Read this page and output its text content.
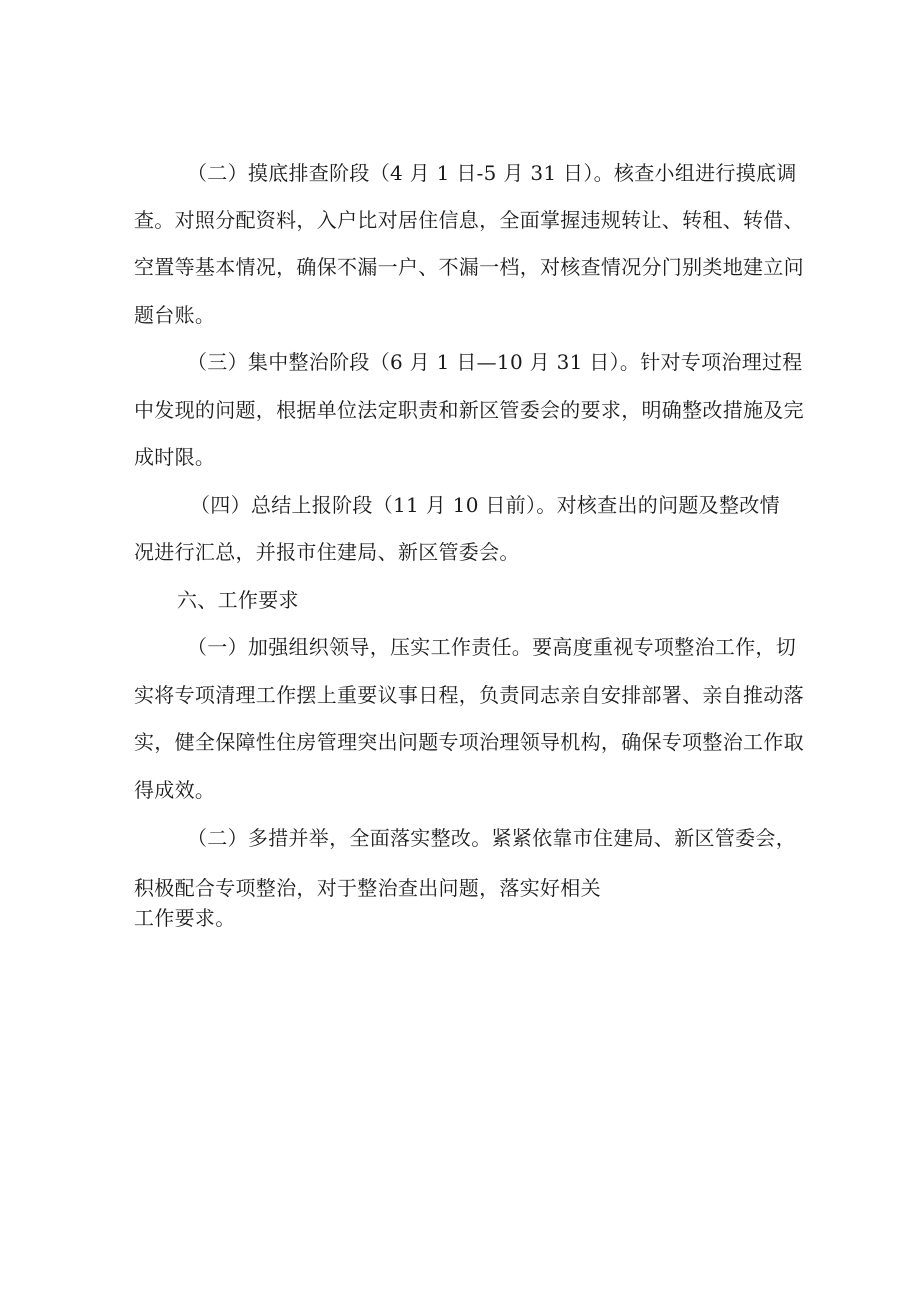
（二）摸底排查阶段（4 月 1 日-5 月 31 日）。核查小组进行摸底调
查。对照分配资料，入户比对居住信息，全面掌握违规转让、转租、转借、
空置等基本情况，确保不漏一户、不漏一档，对核查情况分门别类地建立问
题台账。
（三）集中整治阶段（6 月 1 日—10 月 31 日）。针对专项治理过程
中发现的问题，根据单位法定职责和新区管委会的要求，明确整改措施及完
成时限。
（四）总结上报阶段（11 月 10 日前）。对核查出的问题及整改情
况进行汇总，并报市住建局、新区管委会。
六、工作要求
（一）加强组织领导，压实工作责任。要高度重视专项整治工作，切
实将专项清理工作摆上重要议事日程，负责同志亲自安排部署、亲自推动落
实，健全保障性住房管理突出问题专项治理领导机构，确保专项整治工作取
得成效。
（二）多措并举，全面落实整改。紧紧依靠市住建局、新区管委会，
积极配合专项整治，对于整治查出问题，落实好相关
工作要求。
